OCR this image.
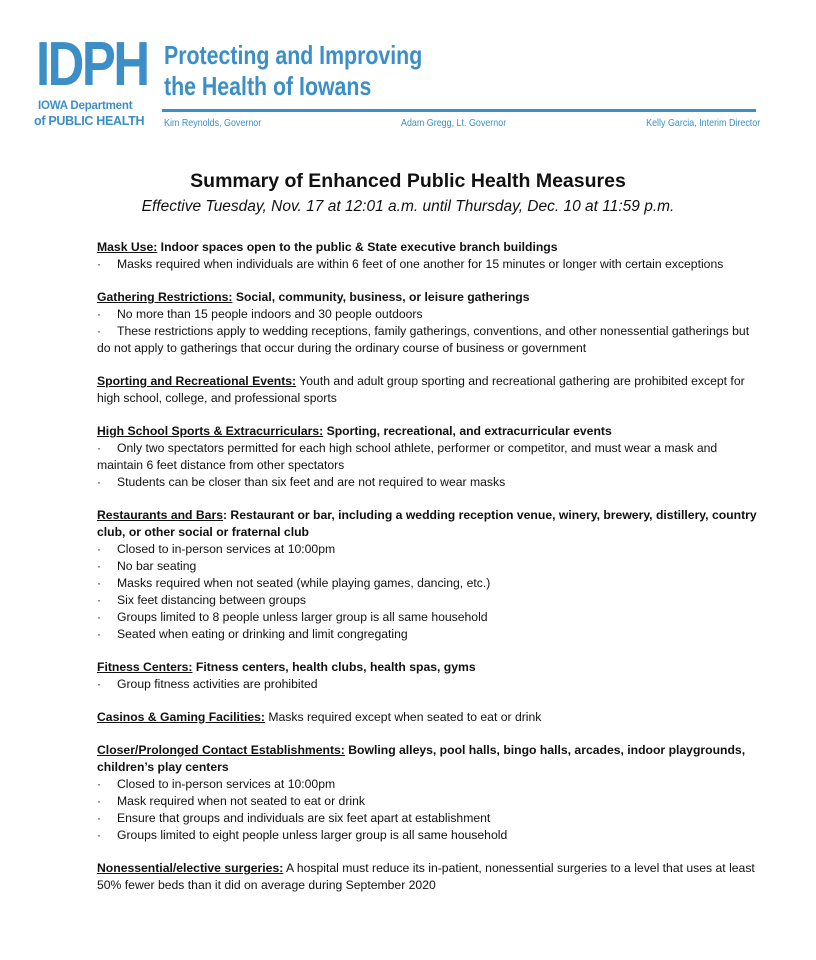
IDPH
IOWA Department
of PUBLIC HEALTH
Protecting and Improving
the Health of Iowans
Kim Reynolds, Governor	Adam Gregg, Lt. Governor	Kelly Garcia, Interim Director
Summary of Enhanced Public Health Measures
Effective Tuesday, Nov. 17 at 12:01 a.m. until Thursday, Dec. 10 at 11:59 p.m.
Mask Use: Indoor spaces open to the public & State executive branch buildings
· Masks required when individuals are within 6 feet of one another for 15 minutes or longer with certain exceptions
Gathering Restrictions: Social, community, business, or leisure gatherings
· No more than 15 people indoors and 30 people outdoors
· These restrictions apply to wedding receptions, family gatherings, conventions, and other nonessential gatherings but do not apply to gatherings that occur during the ordinary course of business or government
Sporting and Recreational Events: Youth and adult group sporting and recreational gathering are prohibited except for high school, college, and professional sports
High School Sports & Extracurriculars: Sporting, recreational, and extracurricular events
· Only two spectators permitted for each high school athlete, performer or competitor, and must wear a mask and maintain 6 feet distance from other spectators
· Students can be closer than six feet and are not required to wear masks
Restaurants and Bars: Restaurant or bar, including a wedding reception venue, winery, brewery, distillery, country club, or other social or fraternal club
· Closed to in-person services at 10:00pm
· No bar seating
· Masks required when not seated (while playing games, dancing, etc.)
· Six feet distancing between groups
· Groups limited to 8 people unless larger group is all same household
· Seated when eating or drinking and limit congregating
Fitness Centers: Fitness centers, health clubs, health spas, gyms
· Group fitness activities are prohibited
Casinos & Gaming Facilities: Masks required except when seated to eat or drink
Closer/Prolonged Contact Establishments: Bowling alleys, pool halls, bingo halls, arcades, indoor playgrounds, children’s play centers
· Closed to in-person services at 10:00pm
· Mask required when not seated to eat or drink
· Ensure that groups and individuals are six feet apart at establishment
· Groups limited to eight people unless larger group is all same household
Nonessential/elective surgeries: A hospital must reduce its in-patient, nonessential surgeries to a level that uses at least 50% fewer beds than it did on average during September 2020
